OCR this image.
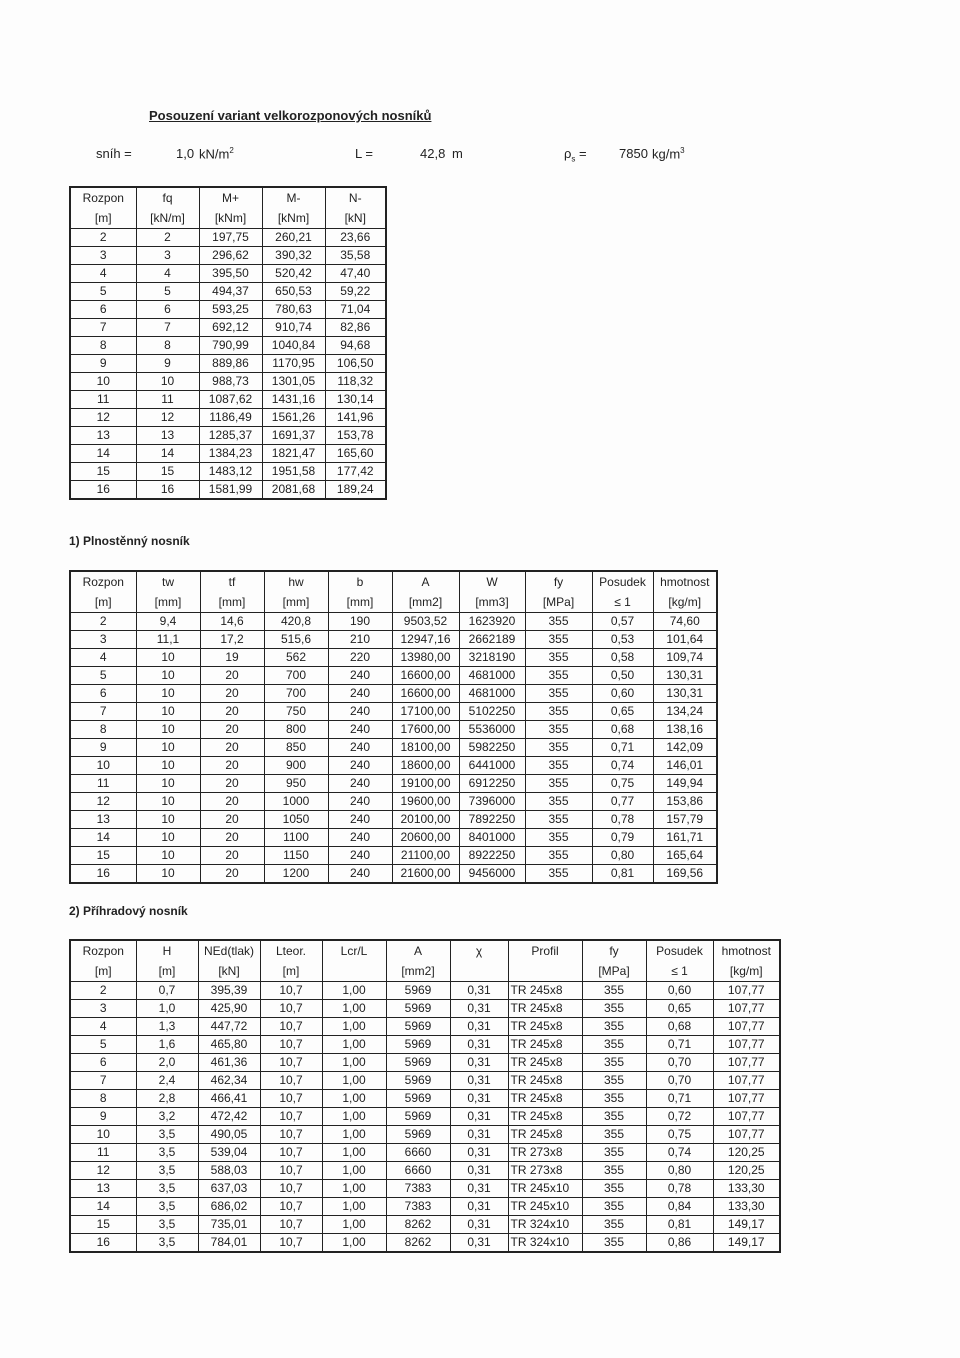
Posouzení variant velkorozponových nosníků
sníh =	1,0 $kN/m^2$	L =	42,8 m	$\rho_s = 7850$ $kg/m^3$
Rozpon	fq	M+	M-	N-
[m]	[kN/m]	[kNm]	[kNm]	[kN]
2	2	197,75	260,21	23,66
3	3	296,62	390,32	35,58
4	4	395,50	520,42	47,40
5	5	494,37	650,53	59,22
6	6	593,25	780,63	71,04
7	7	692,12	910,74	82,86
8	8	790,99	1040,84	94,68
9	9	889,86	1170,95	106,50
10	10	988,73	1301,05	118,32
11	11	1087,62	1431,16	130,14
12	12	1186,49	1561,26	141,96
13	13	1285,37	1691,37	153,78
14	14	1384,23	1821,47	165,60
15	15	1483,12	1951,58	177,42
16	16	1581,99	2081,68	189,24
1) Plnostěnný nosník
Rozpon	tw	tf	hw	b	A	W	fy	Posudek	hmotnost
[m]	[mm]	[mm]	[mm]	[mm]	[mm2]	[mm3]	[MPa]	≤ 1	[kg/m]
2	9,4	14,6	420,8	190	9503,52	1623920	355	0,57	74,60
3	11,1	17,2	515,6	210	12947,16	2662189	355	0,53	101,64
4	10	19	562	220	13980,00	3218190	355	0,58	109,74
5	10	20	700	240	16600,00	4681000	355	0,50	130,31
6	10	20	700	240	16600,00	4681000	355	0,60	130,31
7	10	20	750	240	17100,00	5102250	355	0,65	134,24
8	10	20	800	240	17600,00	5536000	355	0,68	138,16
9	10	20	850	240	18100,00	5982250	355	0,71	142,09
10	10	20	900	240	18600,00	6441000	355	0,74	146,01
11	10	20	950	240	19100,00	6912250	355	0,75	149,94
12	10	20	1000	240	19600,00	7396000	355	0,77	153,86
13	10	20	1050	240	20100,00	7892250	355	0,78	157,79
14	10	20	1100	240	20600,00	8401000	355	0,79	161,71
15	10	20	1150	240	21100,00	8922250	355	0,80	165,64
16	10	20	1200	240	21600,00	9456000	355	0,81	169,56
2) Příhradový nosník
Rozpon	H	NEd(tlak)	Lteor.	Lcr/L	A	χ	Profil	fy	Posudek	hmotnost
[m]	[m]	[kN]	[m]		[mm2]			[MPa]	≤ 1	[kg/m]
2	0,7	395,39	10,7	1,00	5969	0,31	TR 245x8	355	0,60	107,77
3	1,0	425,90	10,7	1,00	5969	0,31	TR 245x8	355	0,65	107,77
4	1,3	447,72	10,7	1,00	5969	0,31	TR 245x8	355	0,68	107,77
5	1,6	465,80	10,7	1,00	5969	0,31	TR 245x8	355	0,71	107,77
6	2,0	461,36	10,7	1,00	5969	0,31	TR 245x8	355	0,70	107,77
7	2,4	462,34	10,7	1,00	5969	0,31	TR 245x8	355	0,70	107,77
8	2,8	466,41	10,7	1,00	5969	0,31	TR 245x8	355	0,71	107,77
9	3,2	472,42	10,7	1,00	5969	0,31	TR 245x8	355	0,72	107,77
10	3,5	490,05	10,7	1,00	5969	0,31	TR 245x8	355	0,75	107,77
11	3,5	539,04	10,7	1,00	6660	0,31	TR 273x8	355	0,74	120,25
12	3,5	588,03	10,7	1,00	6660	0,31	TR 273x8	355	0,80	120,25
13	3,5	637,03	10,7	1,00	7383	0,31	TR 245x10	355	0,78	133,30
14	3,5	686,02	10,7	1,00	7383	0,31	TR 245x10	355	0,84	133,30
15	3,5	735,01	10,7	1,00	8262	0,31	TR 324x10	355	0,81	149,17
16	3,5	784,01	10,7	1,00	8262	0,31	TR 324x10	355	0,86	149,17
